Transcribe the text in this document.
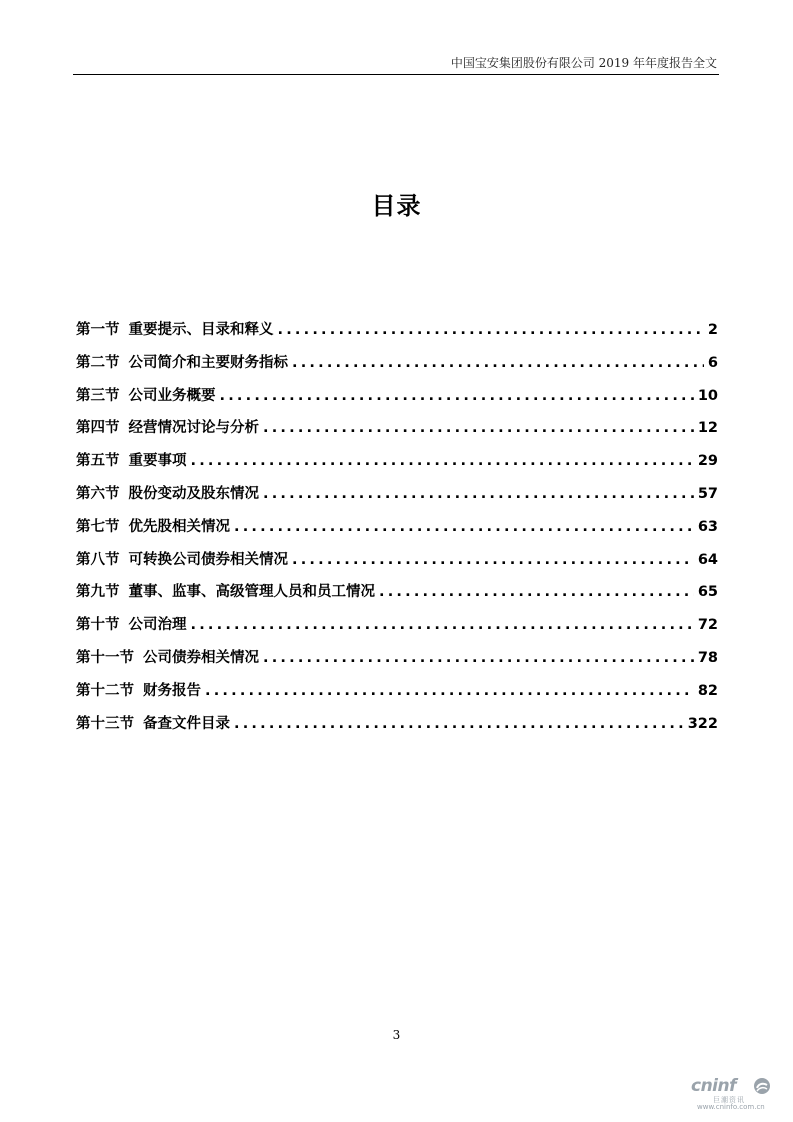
中国宝安集团股份有限公司 2019 年年度报告全文
目录
第一节 重要提示、目录和释义 .....	2
第二节 公司简介和主要财务指标 .....	6
第三节 公司业务概要 .....	10
第四节 经营情况讨论与分析 .....	12
第五节 重要事项 .....	29
第六节 股份变动及股东情况 .....	57
第七节 优先股相关情况 .....	63
第八节 可转换公司债券相关情况 .....	64
第九节 董事、监事、高级管理人员和员工情况 .....	65
第十节 公司治理 .....	72
第十一节 公司债券相关情况 .....	78
第十二节 财务报告 .....	82
第十三节 备查文件目录 .....	322
3
cninf
巨潮资讯
www.cninfo.com.cn
